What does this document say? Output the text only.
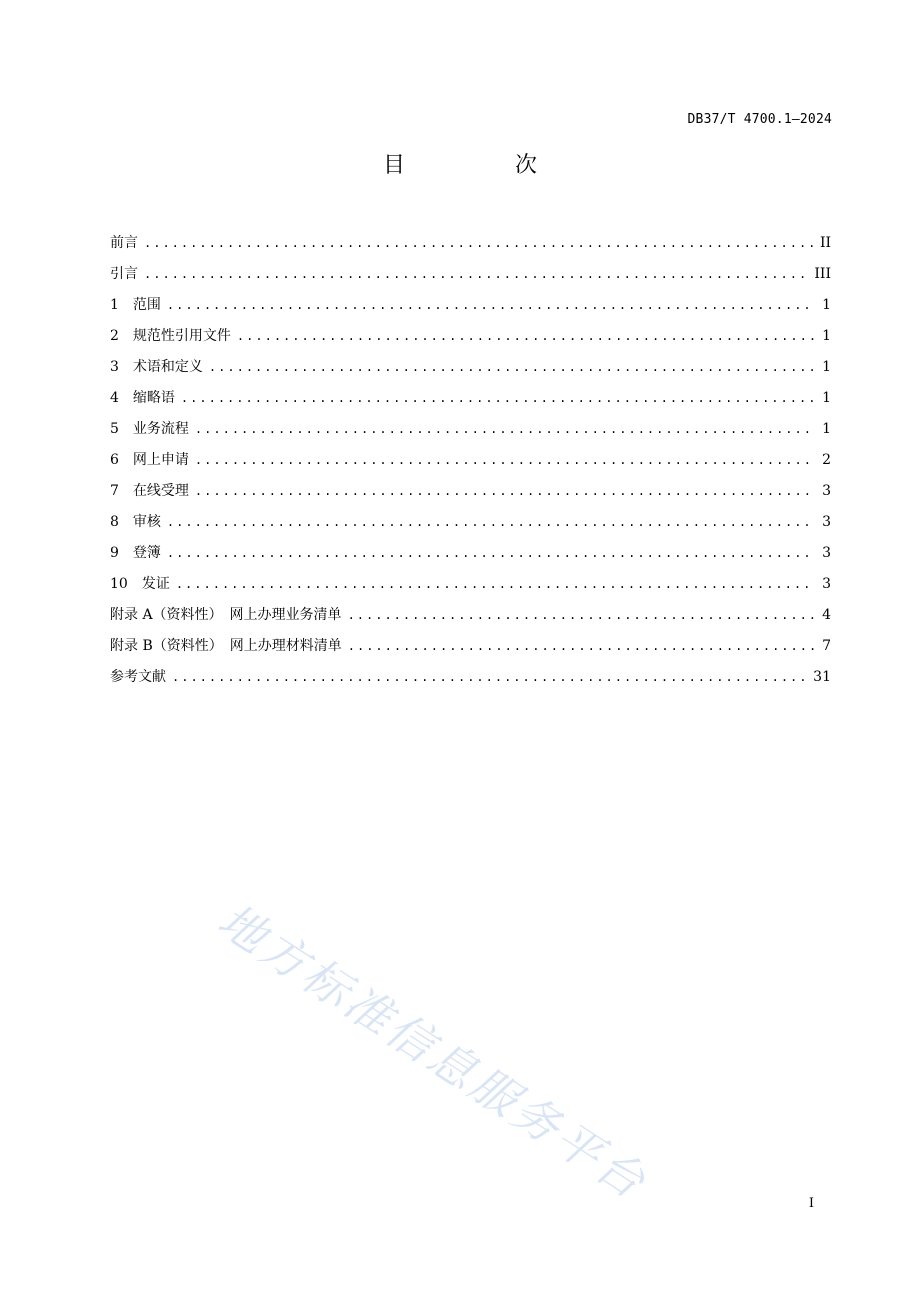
DB37/T 4700.1—2024
目　次
前言 .....	II
引言 .....	III
1　范围 .....	1
2　规范性引用文件 .....	1
3　术语和定义 .....	1
4　缩略语 .....	1
5　业务流程 .....	1
6　网上申请 .....	2
7　在线受理 .....	3
8　审核 .....	3
9　登簿 .....	3
10　发证 .....	3
附录 A（资料性）　网上办理业务清单 .....	4
附录 B（资料性）　网上办理材料清单 .....	7
参考文献 .....	31
地方标准信息服务平台	I
